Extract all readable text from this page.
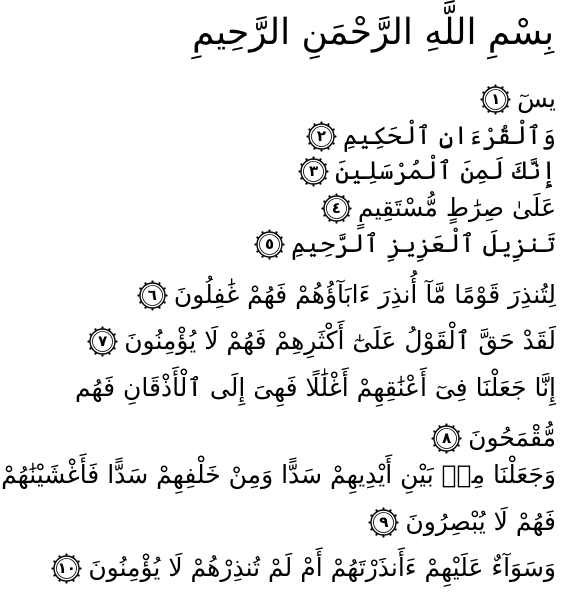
بِسْمِ اللَّهِ الرَّحْمَنِ الرَّحِيمِ
يسٓ
١
وَٱلْقُرْءَانِ ٱلْحَكِيمِ
٢
إِنَّكَ لَمِنَ ٱلْمُرْسَلِينَ
٣
عَلَىٰ صِرَٰطٍ مُّسْتَقِيمٍ
٤
تَنزِيلَ ٱلْعَزِيزِ ٱلرَّحِيمِ
٥
لِتُنذِرَ قَوْمًا مَّآ أُنذِرَ ءَابَآؤُهُمْ فَهُمْ غَٰفِلُونَ
٦
لَقَدْ حَقَّ ٱلْقَوْلُ عَلَىٰٓ أَكْثَرِهِمْ فَهُمْ لَا يُؤْمِنُونَ
٧
إِنَّا جَعَلْنَا فِىٓ أَعْنَٰقِهِمْ أَغْلَٰلًا فَهِىَ إِلَى ٱلْأَذْقَانِ فَهُم
مُّقْمَحُونَ
٨
وَجَعَلْنَا مِنۢ بَيْنِ أَيْدِيهِمْ سَدًّا وَمِنْ خَلْفِهِمْ سَدًّا فَأَغْشَيْنَٰهُمْ
فَهُمْ لَا يُبْصِرُونَ
٩
وَسَوَآءٌ عَلَيْهِمْ ءَأَنذَرْتَهُمْ أَمْ لَمْ تُنذِرْهُمْ لَا يُؤْمِنُونَ
١٠
